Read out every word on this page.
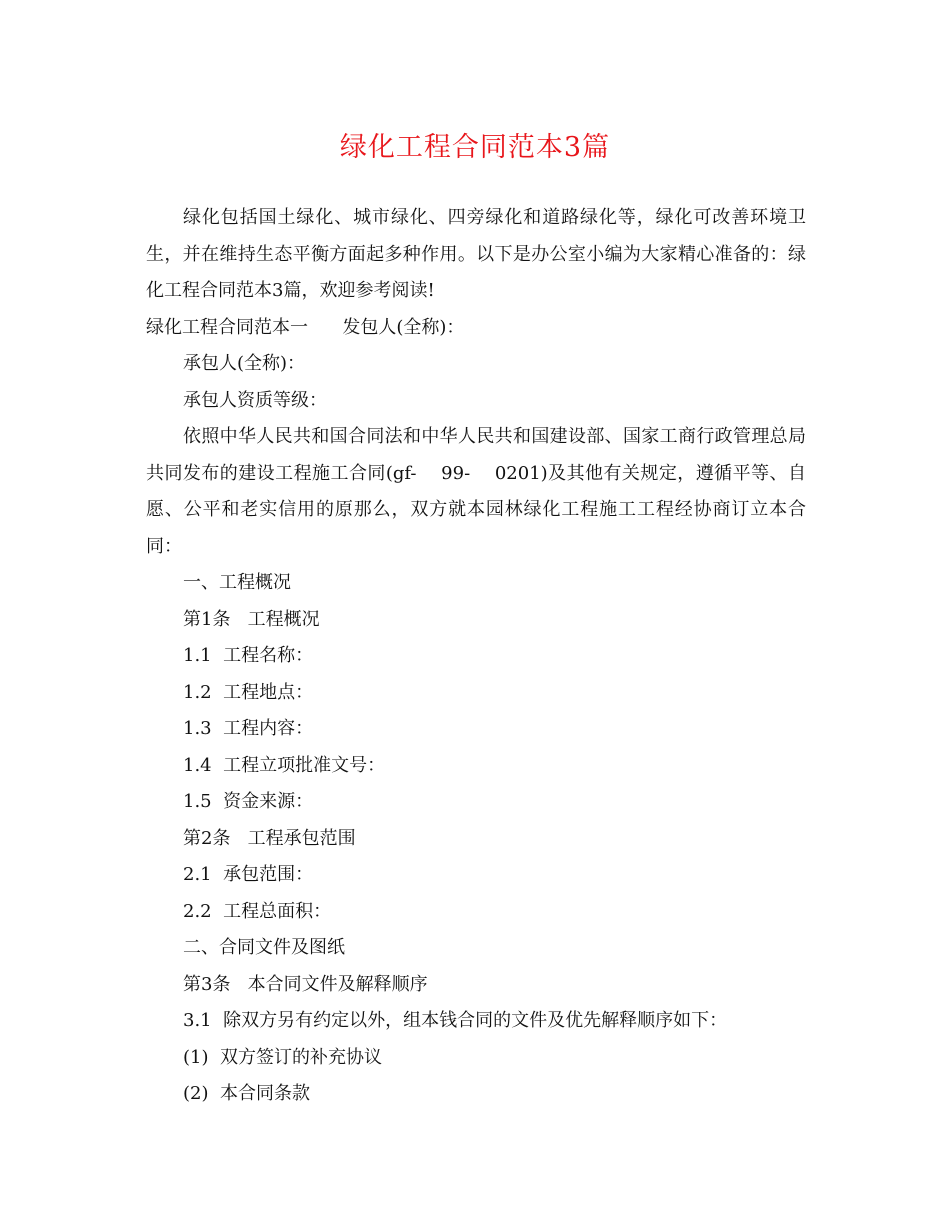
绿化工程合同范本3篇

绿化包括国土绿化、城市绿化、四旁绿化和道路绿化等，绿化可改善环境卫生，并在维持生态平衡方面起多种作用。以下是办公室小编为大家精心准备的：绿化工程合同范本3篇，欢迎参考阅读!

绿化工程合同范本一      发包人(全称)：

承包人(全称)：

承包人资质等级：

依照中华人民共和国合同法和中华人民共和国建设部、国家工商行政管理总局共同发布的建设工程施工合同(gf-    99-    0201)及其他有关规定，遵循平等、自愿、公平和老实信用的原那么，双方就本园林绿化工程施工工程经协商订立本合同：

一、工程概况

第1条   工程概况

1.1  工程名称：

1.2  工程地点：

1.3  工程内容：

1.4  工程立项批准文号：

1.5  资金来源：

第2条   工程承包范围

2.1  承包范围：

2.2  工程总面积：

二、合同文件及图纸

第3条   本合同文件及解释顺序

3.1  除双方另有约定以外，组本钱合同的文件及优先解释顺序如下：

(1)  双方签订的补充协议

(2)  本合同条款
